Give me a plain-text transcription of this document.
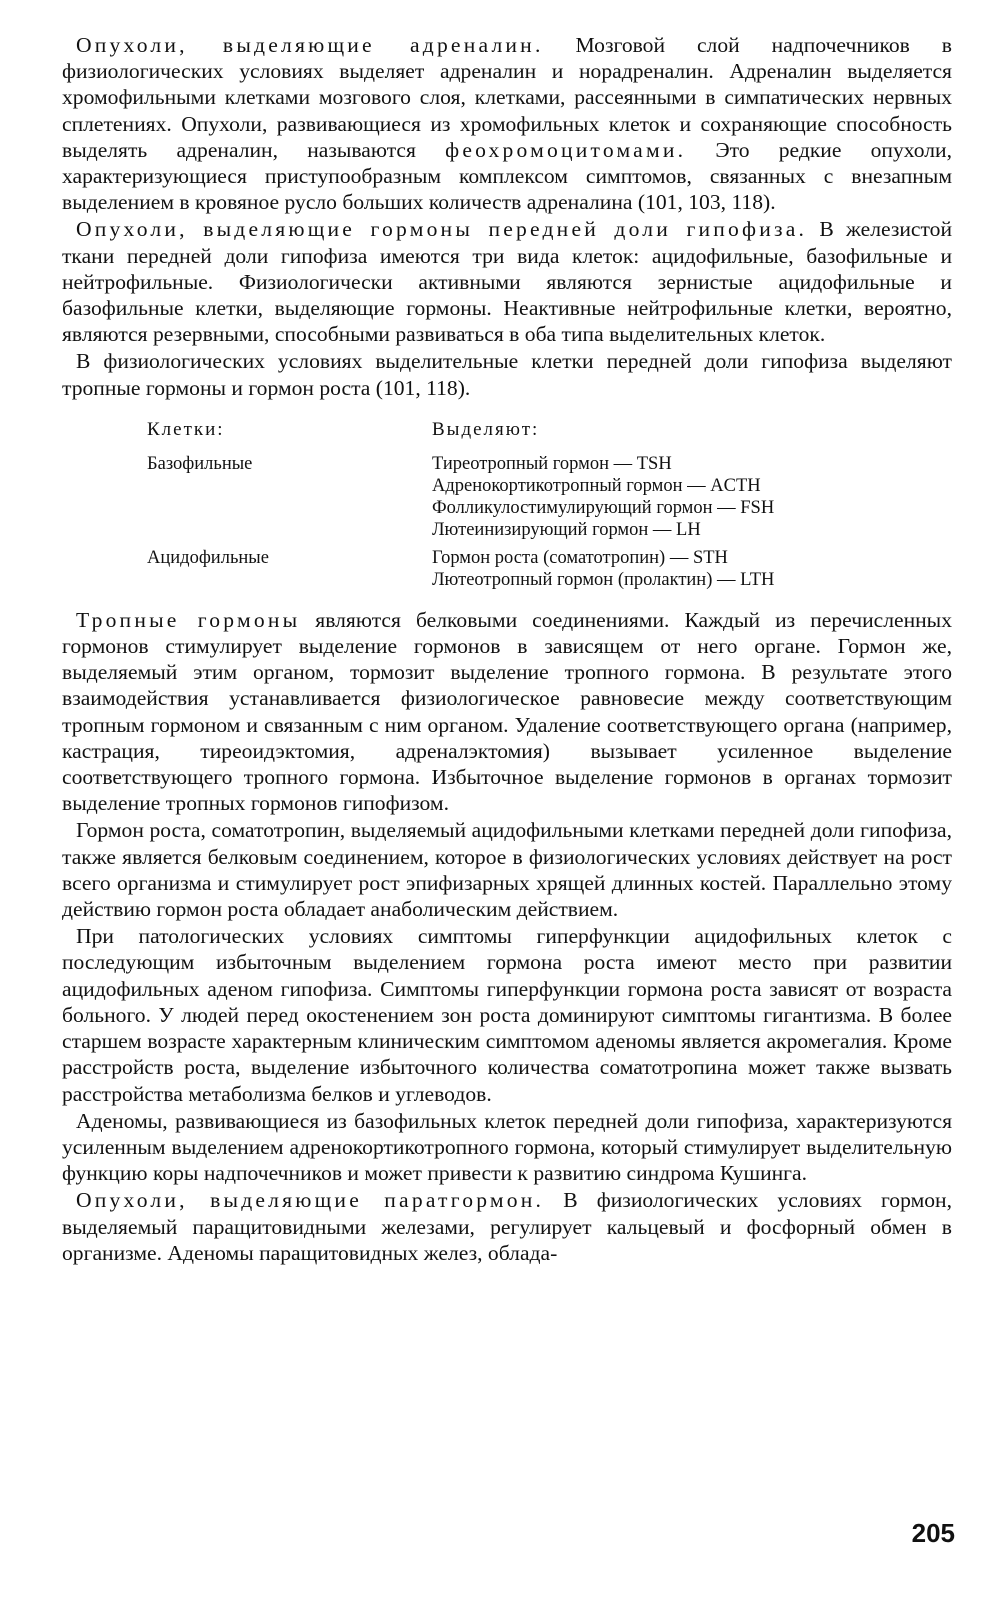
Опухоли, выделяющие адреналин. Мозговой слой надпочечников в физиологических условиях выделяет адреналин и норадреналин. Адреналин выделяется хромофильными клетками мозгового слоя, клетками, рассеянными в симпатических нервных сплетениях. Опухоли, развивающиеся из хромофильных клеток и сохраняющие способность выделять адреналин, называются феохромоцитомами. Это редкие опухоли, характеризующиеся приступообразным комплексом симптомов, связанных с внезапным выделением в кровяное русло больших количеств адреналина (101, 103, 118).

Опухоли, выделяющие гормоны передней доли гипофиза. В железистой ткани передней доли гипофиза имеются три вида клеток: ацидофильные, базофильные и нейтрофильные. Физиологически активными являются зернистые ацидофильные и базофильные клетки, выделяющие гормоны. Неактивные нейтрофильные клетки, вероятно, являются резервными, способными развиваться в оба типа выделительных клеток.

В физиологических условиях выделительные клетки передней доли гипофиза выделяют тропные гормоны и гормон роста (101, 118).

Клетки:	Выделяют:
Базофильные	Тиреотропный гормон — TSH
Адренокортикотропный гормон — ACTH
Фолликулостимулирующий гормон — FSH
Лютеинизирующий гормон — LH
Ацидофильные	Гормон роста (соматотропин) — STH
Лютеотропный гормон (пролактин) — LTH

Тропные гормоны являются белковыми соединениями. Каждый из перечисленных гормонов стимулирует выделение гормонов в зависящем от него органе. Гормон же, выделяемый этим органом, тормозит выделение тропного гормона. В результате этого взаимодействия устанавливается физиологическое равновесие между соответствующим тропным гормоном и связанным с ним органом. Удаление соответствующего органа (например, кастрация, тиреоидэктомия, адреналэктомия) вызывает усиленное выделение соответствующего тропного гормона. Избыточное выделение гормонов в органах тормозит выделение тропных гормонов гипофизом.

Гормон роста, соматотропин, выделяемый ацидофильными клетками передней доли гипофиза, также является белковым соединением, которое в физиологических условиях действует на рост всего организма и стимулирует рост эпифизарных хрящей длинных костей. Параллельно этому действию гормон роста обладает анаболическим действием.

При патологических условиях симптомы гиперфункции ацидофильных клеток с последующим избыточным выделением гормона роста имеют место при развитии ацидофильных аденом гипофиза. Симптомы гиперфункции гормона роста зависят от возраста больного. У людей перед окостенением зон роста доминируют симптомы гигантизма. В более старшем возрасте характерным клиническим симптомом аденомы является акромегалия. Кроме расстройств роста, выделение избыточного количества соматотропина может также вызвать расстройства метаболизма белков и углеводов.

Аденомы, развивающиеся из базофильных клеток передней доли гипофиза, характеризуются усиленным выделением адренокортикотропного гормона, который стимулирует выделительную функцию коры надпочечников и может привести к развитию синдрома Кушинга.

Опухоли, выделяющие паратгормон. В физиологических условиях гормон, выделяемый паращитовидными железами, регулирует кальцевый и фосфорный обмен в организме. Аденомы паращитовидных желез, облада-

205
